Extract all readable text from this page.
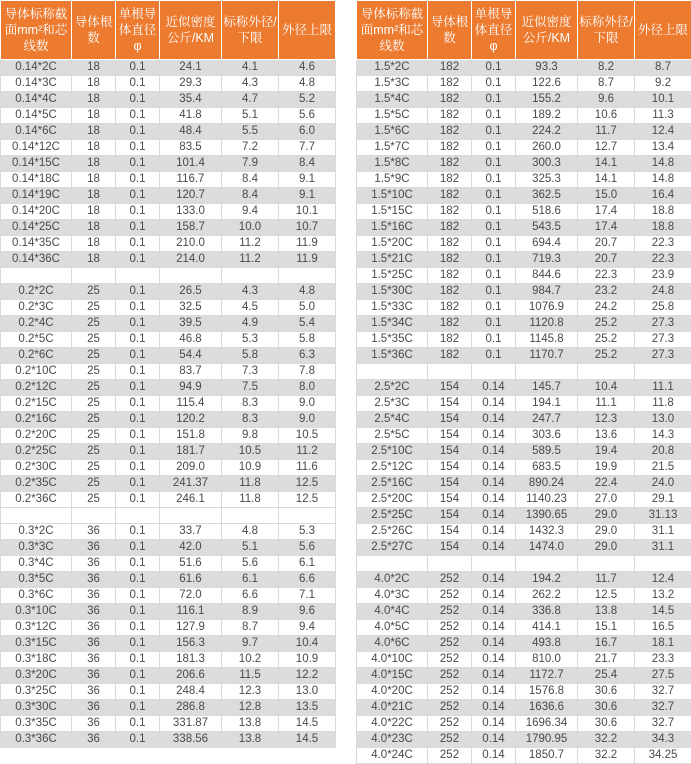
导体标称截面mm²和芯线数	导体根数	单根导体直径φ	近似密度公斤/KM	标称外径/下限	外径上限
0.14*2C	18	0.1	24.1	4.1	4.6
0.14*3C	18	0.1	29.3	4.3	4.8
0.14*4C	18	0.1	35.4	4.7	5.2
0.14*5C	18	0.1	41.8	5.1	5.6
0.14*6C	18	0.1	48.4	5.5	6.0
0.14*12C	18	0.1	83.5	7.2	7.7
0.14*15C	18	0.1	101.4	7.9	8.4
0.14*18C	18	0.1	116.7	8.4	9.1
0.14*19C	18	0.1	120.7	8.4	9.1
0.14*20C	18	0.1	133.0	9.4	10.1
0.14*25C	18	0.1	158.7	10.0	10.7
0.14*35C	18	0.1	210.0	11.2	11.9
0.14*36C	18	0.1	214.0	11.2	11.9

0.2*2C	25	0.1	26.5	4.3	4.8
0.2*3C	25	0.1	32.5	4.5	5.0
0.2*4C	25	0.1	39.5	4.9	5.4
0.2*5C	25	0.1	46.8	5.3	5.8
0.2*6C	25	0.1	54.4	5.8	6.3
0.2*10C	25	0.1	83.7	7.3	7.8
0.2*12C	25	0.1	94.9	7.5	8.0
0.2*15C	25	0.1	115.4	8.3	9.0
0.2*16C	25	0.1	120.2	8.3	9.0
0.2*20C	25	0.1	151.8	9.8	10.5
0.2*25C	25	0.1	181.7	10.5	11.2
0.2*30C	25	0.1	209.0	10.9	11.6
0.2*35C	25	0.1	241.37	11.8	12.5
0.2*36C	25	0.1	246.1	11.8	12.5

0.3*2C	36	0.1	33.7	4.8	5.3
0.3*3C	36	0.1	42.0	5.1	5.6
0.3*4C	36	0.1	51.6	5.6	6.1
0.3*5C	36	0.1	61.6	6.1	6.6
0.3*6C	36	0.1	72.0	6.6	7.1
0.3*10C	36	0.1	116.1	8.9	9.6
0.3*12C	36	0.1	127.9	8.7	9.4
0.3*15C	36	0.1	156.3	9.7	10.4
0.3*18C	36	0.1	181.3	10.2	10.9
0.3*20C	36	0.1	206.6	11.5	12.2
0.3*25C	36	0.1	248.4	12.3	13.0
0.3*30C	36	0.1	286.8	12.8	13.5
0.3*35C	36	0.1	331.87	13.8	14.5
0.3*36C	36	0.1	338.56	13.8	14.5
导体标称截面mm²和芯线数	导体根数	单根导体直径φ	近似密度公斤/KM	标称外径/下限	外径上限
1.5*2C	182	0.1	93.3	8.2	8.7
1.5*3C	182	0.1	122.6	8.7	9.2
1.5*4C	182	0.1	155.2	9.6	10.1
1.5*5C	182	0.1	189.2	10.6	11.3
1.5*6C	182	0.1	224.2	11.7	12.4
1.5*7C	182	0.1	260.0	12.7	13.4
1.5*8C	182	0.1	300.3	14.1	14.8
1.5*9C	182	0.1	325.3	14.1	14.8
1.5*10C	182	0.1	362.5	15.0	16.4
1.5*15C	182	0.1	518.6	17.4	18.8
1.5*16C	182	0.1	543.5	17.4	18.8
1.5*20C	182	0.1	694.4	20.7	22.3
1.5*21C	182	0.1	719.3	20.7	22.3
1.5*25C	182	0.1	844.6	22.3	23.9
1.5*30C	182	0.1	984.7	23.2	24.8
1.5*33C	182	0.1	1076.9	24.2	25.8
1.5*34C	182	0.1	1120.8	25.2	27.3
1.5*35C	182	0.1	1145.8	25.2	27.3
1.5*36C	182	0.1	1170.7	25.2	27.3

2.5*2C	154	0.14	145.7	10.4	11.1
2.5*3C	154	0.14	194.1	11.1	11.8
2.5*4C	154	0.14	247.7	12.3	13.0
2.5*5C	154	0.14	303.6	13.6	14.3
2.5*10C	154	0.14	589.5	19.4	20.8
2.5*12C	154	0.14	683.5	19.9	21.5
2.5*16C	154	0.14	890.24	22.4	24.0
2.5*20C	154	0.14	1140.23	27.0	29.1
2.5*25C	154	0.14	1390.65	29.0	31.13
2.5*26C	154	0.14	1432.3	29.0	31.1
2.5*27C	154	0.14	1474.0	29.0	31.1

4.0*2C	252	0.14	194.2	11.7	12.4
4.0*3C	252	0.14	262.2	12.5	13.2
4.0*4C	252	0.14	336.8	13.8	14.5
4.0*5C	252	0.14	414.1	15.1	16.5
4.0*6C	252	0.14	493.8	16.7	18.1
4.0*10C	252	0.14	810.0	21.7	23.3
4.0*15C	252	0.14	1172.7	25.4	27.5
4.0*20C	252	0.14	1576.8	30.6	32.7
4.0*21C	252	0.14	1636.6	30.6	32.7
4.0*22C	252	0.14	1696.34	30.6	32.7
4.0*23C	252	0.14	1790.95	32.2	34.3
4.0*24C	252	0.14	1850.7	32.2	34.25
